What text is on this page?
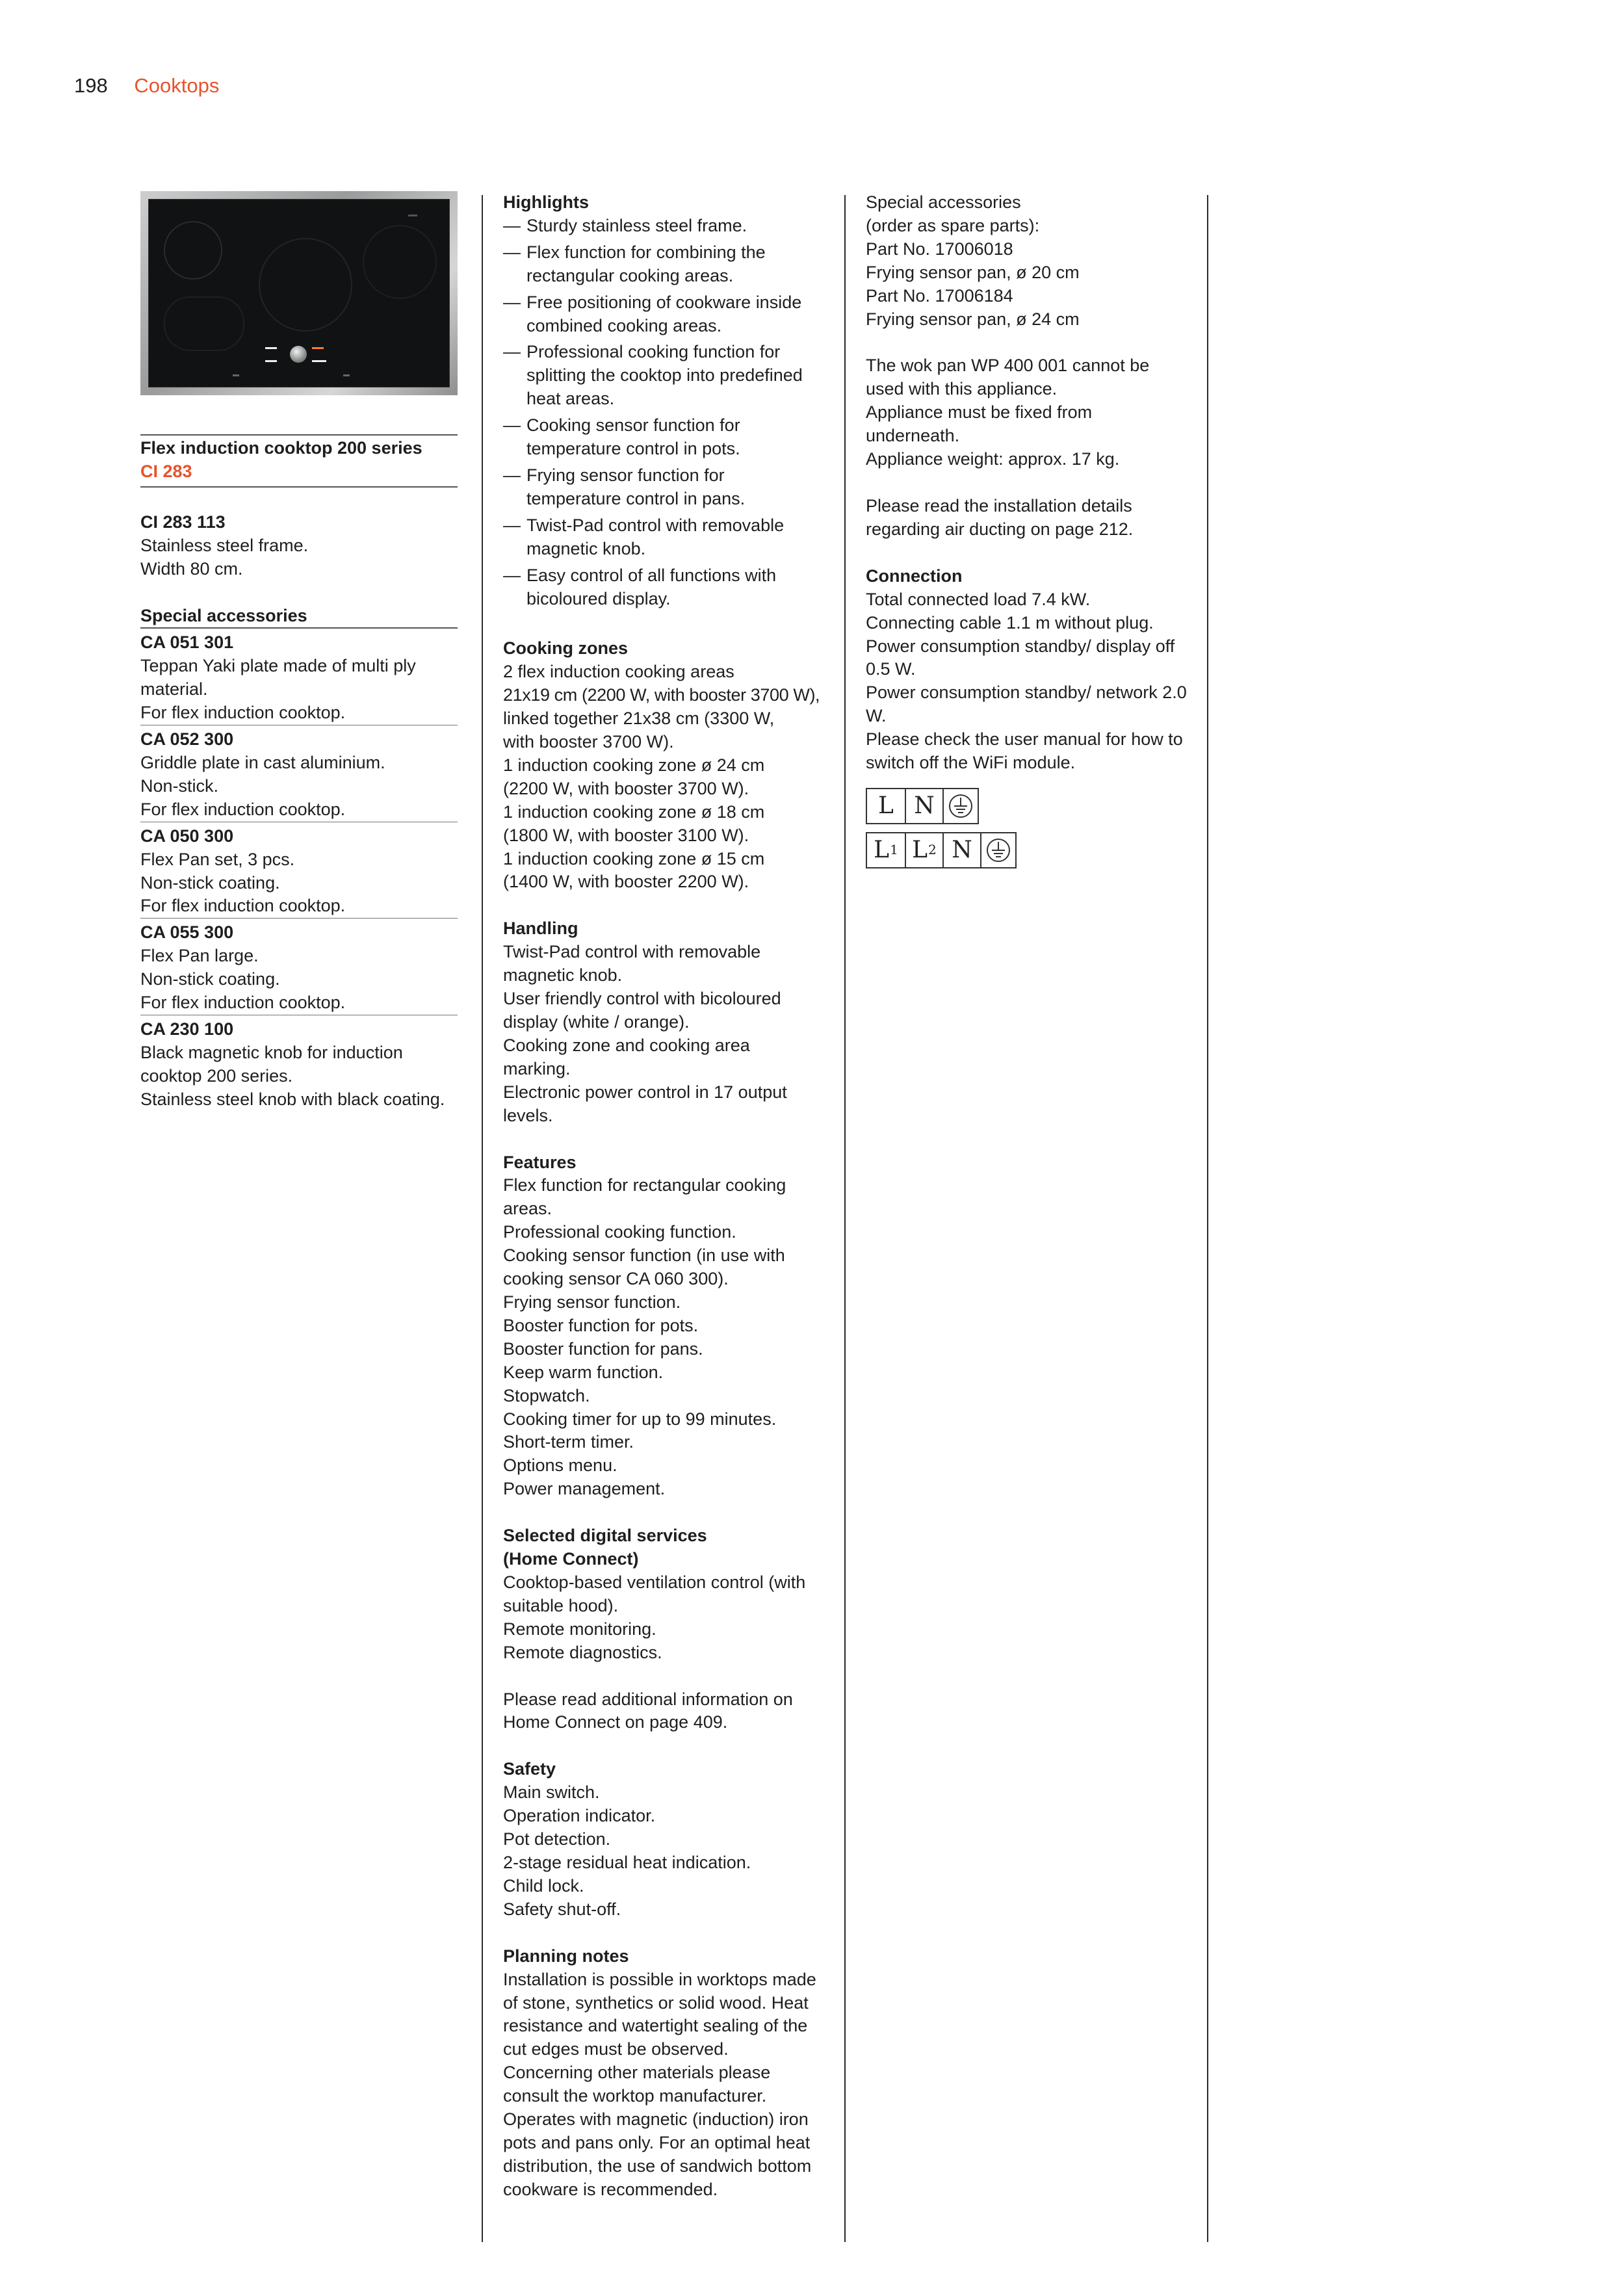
198 Cooktops

Flex induction cooktop 200 series

CI 283

CI 283 113

Stainless steel frame.

Width 80 cm.

Special accessories

CA 051 301

Teppan Yaki plate made of multi ply material.

For flex induction cooktop.

CA 052 300

Griddle plate in cast aluminium.

Non-stick.

For flex induction cooktop.

CA 050 300

Flex Pan set, 3 pcs.

Non-stick coating.

For flex induction cooktop.

CA 055 300

Flex Pan large.

Non-stick coating.

For flex induction cooktop.

CA 230 100

Black magnetic knob for induction cooktop 200 series.

Stainless steel knob with black coating.

Highlights

— Sturdy stainless steel frame.
— Flex function for combining the rectangular cooking areas.
— Free positioning of cookware inside combined cooking areas.
— Professional cooking function for splitting the cooktop into predefined heat areas.
— Cooking sensor function for temperature control in pots.
— Frying sensor function for temperature control in pans.
— Twist-Pad control with removable magnetic knob.
— Easy control of all functions with bicoloured display.

Cooking zones

2 flex induction cooking areas

21x19 cm (2200 W, with booster 3700 W),

linked together 21x38 cm (3300 W,

with booster 3700 W).

1 induction cooking zone ø 24 cm

(2200 W, with booster 3700 W).

1 induction cooking zone ø 18 cm

(1800 W, with booster 3100 W).

1 induction cooking zone ø 15 cm

(1400 W, with booster 2200 W).

Handling

Twist-Pad control with removable magnetic knob.

User friendly control with bicoloured display (white / orange).

Cooking zone and cooking area marking.

Electronic power control in 17 output levels.

Features

Flex function for rectangular cooking areas.

Professional cooking function.

Cooking sensor function (in use with cooking sensor CA 060 300).

Frying sensor function.

Booster function for pots.

Booster function for pans.

Keep warm function.

Stopwatch.

Cooking timer for up to 99 minutes.

Short-term timer.

Options menu.

Power management.

Selected digital services

(Home Connect)

Cooktop-based ventilation control (with suitable hood).

Remote monitoring.

Remote diagnostics.

Please read additional information on Home Connect on page 409.

Safety

Main switch.

Operation indicator.

Pot detection.

2-stage residual heat indication.

Child lock.

Safety shut-off.

Planning notes

Installation is possible in worktops made of stone, synthetics or solid wood. Heat resistance and watertight sealing of the cut edges must be observed. Concerning other materials please consult the worktop manufacturer.

Operates with magnetic (induction) iron pots and pans only. For an optimal heat distribution, the use of sandwich bottom cookware is recommended.

Special accessories

(order as spare parts):

Part No. 17006018

Frying sensor pan, ø 20 cm

Part No. 17006184

Frying sensor pan, ø 24 cm

The wok pan WP 400 001 cannot be used with this appliance.

Appliance must be fixed from underneath.

Appliance weight: approx. 17 kg.

Please read the installation details regarding air ducting on page 212.

Connection

Total connected load 7.4 kW.

Connecting cable 1.1 m without plug.

Power consumption standby/ display off 0.5 W.

Power consumption standby/ network 2.0 W.

Please check the user manual for how to switch off the WiFi module.

L N
L 1 L 2 N
